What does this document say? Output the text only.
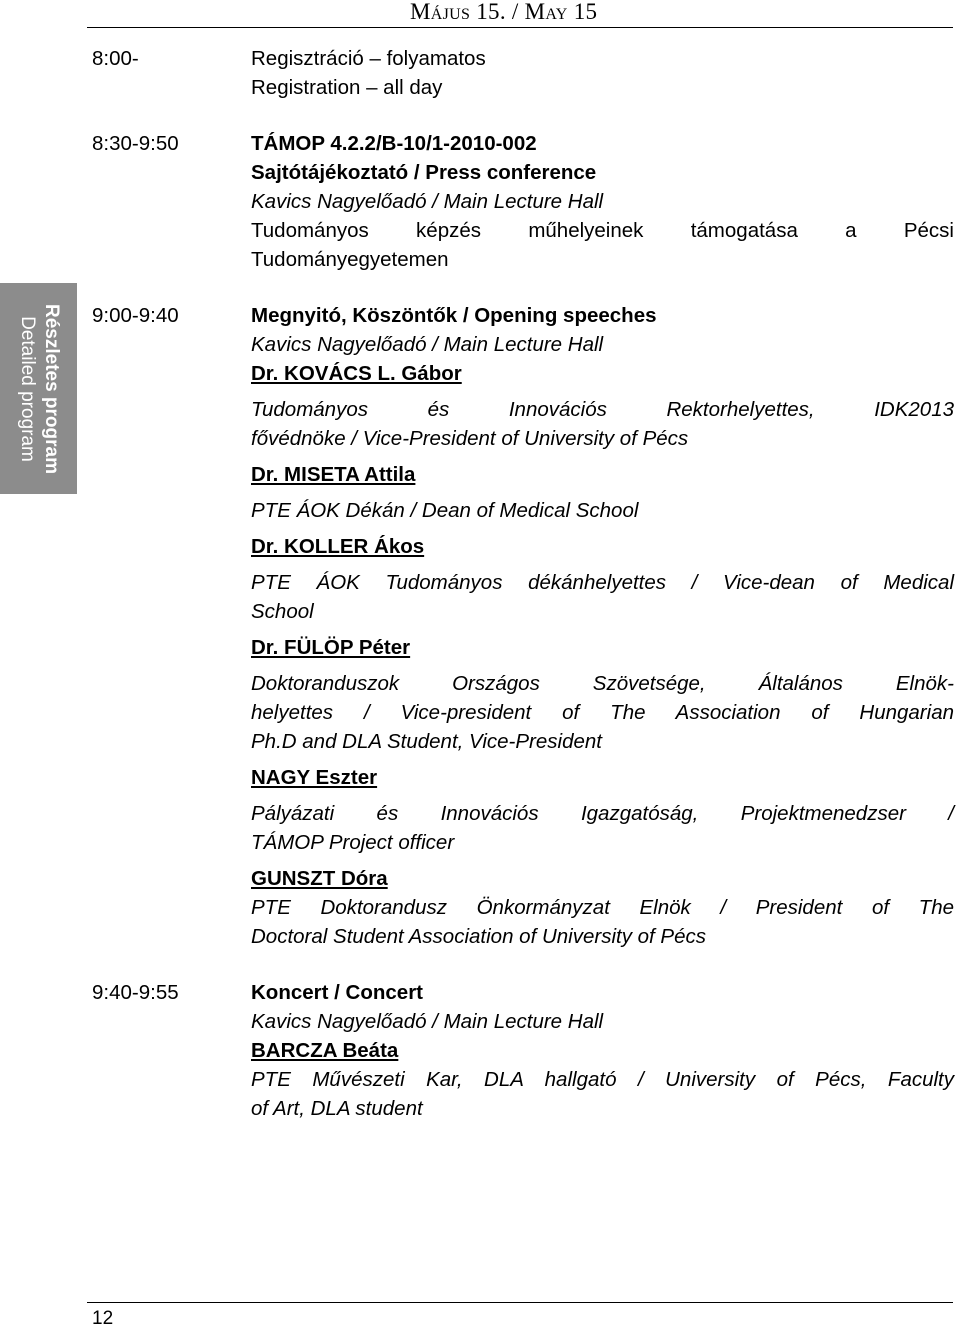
Május 15. / May 15
Részletes program
Detailed program
8:00-	Regisztráció – folyamatos
Registration – all day
8:30-9:50	TÁMOP 4.2.2/B-10/1-2010-002
Sajtótájékoztató / Press conference
Kavics Nagyelőadó / Main Lecture Hall
Tudományos képzés műhelyeinek támogatása a Pécsi
Tudományegyetemen
9:00-9:40	Megnyitó, Köszöntők / Opening speeches
Kavics Nagyelőadó / Main Lecture Hall
Dr. KOVÁCS L. Gábor
Tudományos és Innovációs Rektorhelyettes, IDK2013
fővédnöke / Vice-President of University of Pécs
Dr. MISETA Attila
PTE ÁOK Dékán / Dean of Medical School
Dr. KOLLER Ákos
PTE ÁOK Tudományos dékánhelyettes / Vice-dean of Medical
School
Dr. FÜLÖP Péter
Doktoranduszok Országos Szövetsége, Általános Elnök-
helyettes / Vice-president of The Association of Hungarian
Ph.D and DLA Student, Vice-President
NAGY Eszter
Pályázati és Innovációs Igazgatóság, Projektmenedzser /
TÁMOP Project officer
GUNSZT Dóra
PTE Doktorandusz Önkormányzat Elnök / President of The
Doctoral Student Association of University of Pécs
9:40-9:55	Koncert / Concert
Kavics Nagyelőadó / Main Lecture Hall
BARCZA Beáta
PTE Művészeti Kar, DLA hallgató / University of Pécs, Faculty
of Art, DLA student
12
